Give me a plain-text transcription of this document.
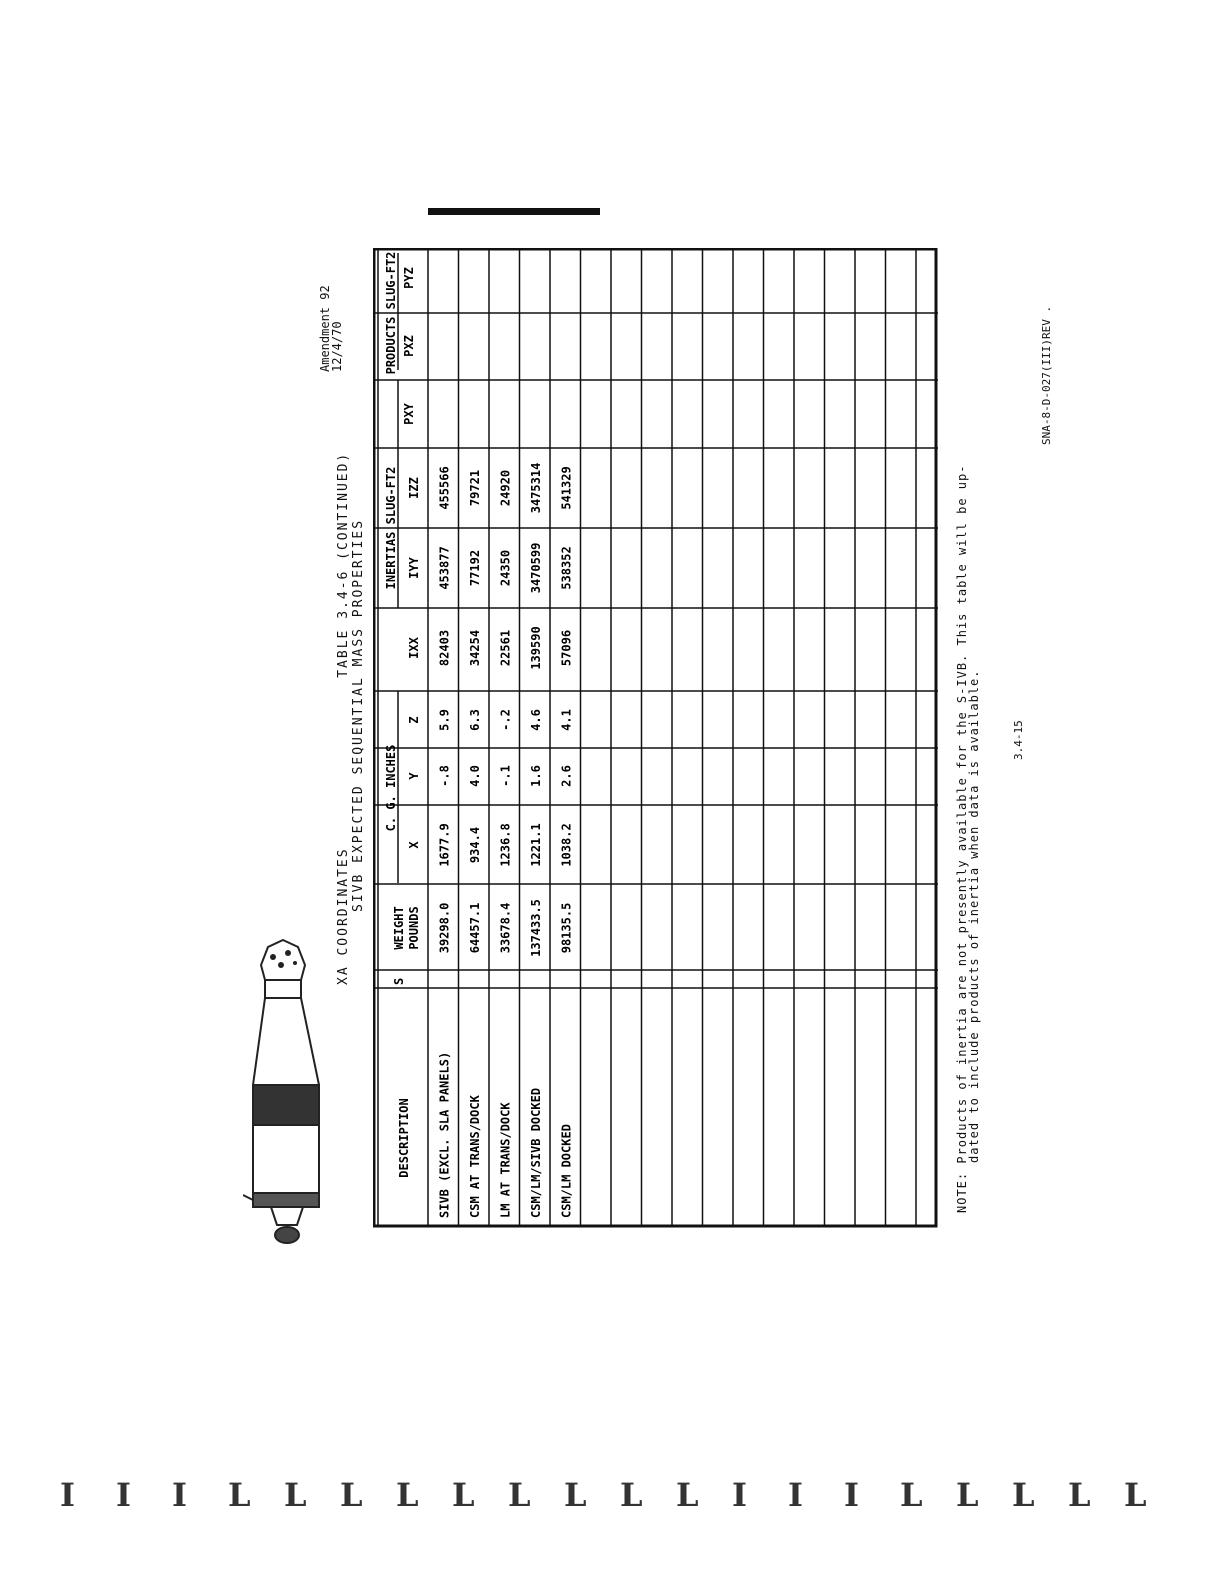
XA COORDINATES  TABLE 3.4-6 (CONTINUED) SIVB EXPECTED SEQUENTIAL MASS PROPERTIES
Amendment 92
12/4/70
DESCRIPTION
S
WEIGHT POUNDS
C. G. INCHES
INERTIAS SLUG-FT2
PRODUCTS SLUG-FT2
X
Y
Z
IXX
IYY
IZZ
PXY
PXZ
PYZ
SIVB (EXCL. SLA PANELS)
39298.0
1677.9
-.8
5.9
82403
453877
455566
CSM AT TRANS/DOCK
64457.1
934.4
4.0
6.3
34254
77192
79721
LM AT TRANS/DOCK
33678.4
1236.8
-.1
-.2
22561
24350
24920
CSM/LM/SIVB DOCKED
137433.5
1221.1
1.6
4.6
139590
3470599
3475314
CSM/LM DOCKED
98135.5
1038.2
2.6
4.1
57096
538352
541329	NOTE: Products of inertia are not presently available for the S-IVB. This table will be up-
dated to include products of inertia when data is available.	3.4-15
SNA-8-D-027(III)REV .
I I I L L L L L L L L L I I I L L L L L
